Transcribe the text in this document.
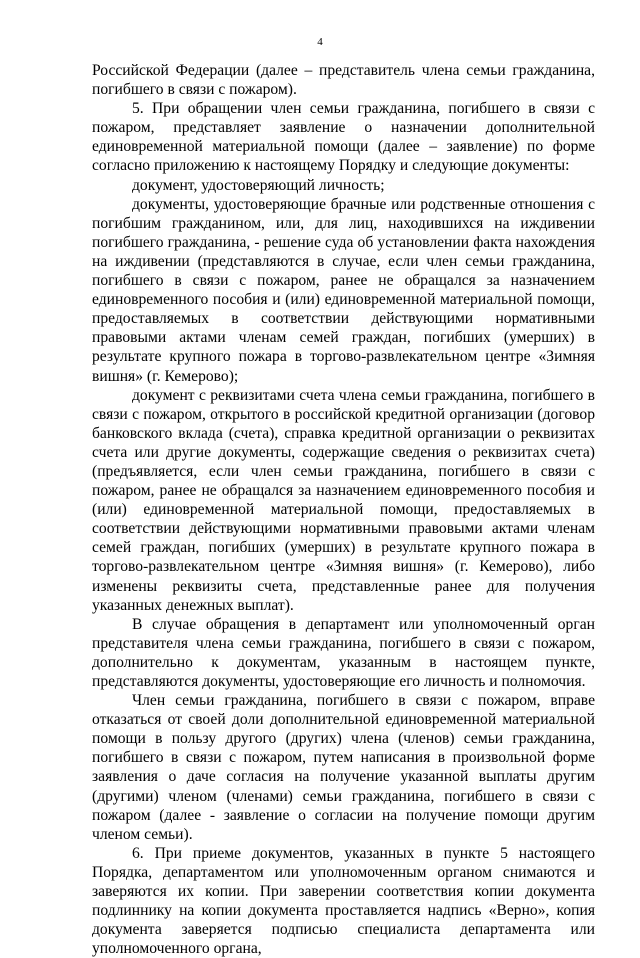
4

Российской Федерации (далее – представитель члена семьи гражданина, погибшего в связи с пожаром).

5. При обращении член семьи гражданина, погибшего в связи с пожаром, представляет заявление о назначении дополнительной единовременной материальной помощи (далее – заявление) по форме согласно приложению к настоящему Порядку и следующие документы:

документ, удостоверяющий личность;

документы, удостоверяющие брачные или родственные отношения с погибшим гражданином, или, для лиц, находившихся на иждивении погибшего гражданина, - решение суда об установлении факта нахождения на иждивении (представляются в случае, если член семьи гражданина, погибшего в связи с пожаром, ранее не обращался за назначением единовременного пособия и (или) единовременной материальной помощи, предоставляемых в соответствии действующими нормативными правовыми актами членам семей граждан, погибших (умерших) в результате крупного пожара в торгово-развлекательном центре «Зимняя вишня» (г. Кемерово);

документ с реквизитами счета члена семьи гражданина, погибшего в связи с пожаром, открытого в российской кредитной организации (договор банковского вклада (счета), справка кредитной организации о реквизитах счета или другие документы, содержащие сведения о реквизитах счета) (предъявляется, если член семьи гражданина, погибшего в связи с пожаром, ранее не обращался за назначением единовременного пособия и (или) единовременной материальной помощи, предоставляемых в соответствии действующими нормативными правовыми актами членам семей граждан, погибших (умерших) в результате крупного пожара в торгово-развлекательном центре «Зимняя вишня» (г. Кемерово), либо изменены реквизиты счета, представленные ранее для получения указанных денежных выплат).

В случае обращения в департамент или уполномоченный орган представителя члена семьи гражданина, погибшего в связи с пожаром, дополнительно к документам, указанным в настоящем пункте, представляются документы, удостоверяющие его личность и полномочия.

Член семьи гражданина, погибшего в связи с пожаром, вправе отказаться от своей доли дополнительной единовременной материальной помощи в пользу другого (других) члена (членов) семьи гражданина, погибшего в связи с пожаром, путем написания в произвольной форме заявления о даче согласия на получение указанной выплаты другим (другими) членом (членами) семьи гражданина, погибшего в связи с пожаром (далее - заявление о согласии на получение помощи другим членом семьи).

6. При приеме документов, указанных в пункте 5 настоящего Порядка, департаментом или уполномоченным органом снимаются и заверяются их копии. При заверении соответствия копии документа подлиннику на копии документа проставляется надпись «Верно», копия документа заверяется подписью специалиста департамента или уполномоченного органа,
